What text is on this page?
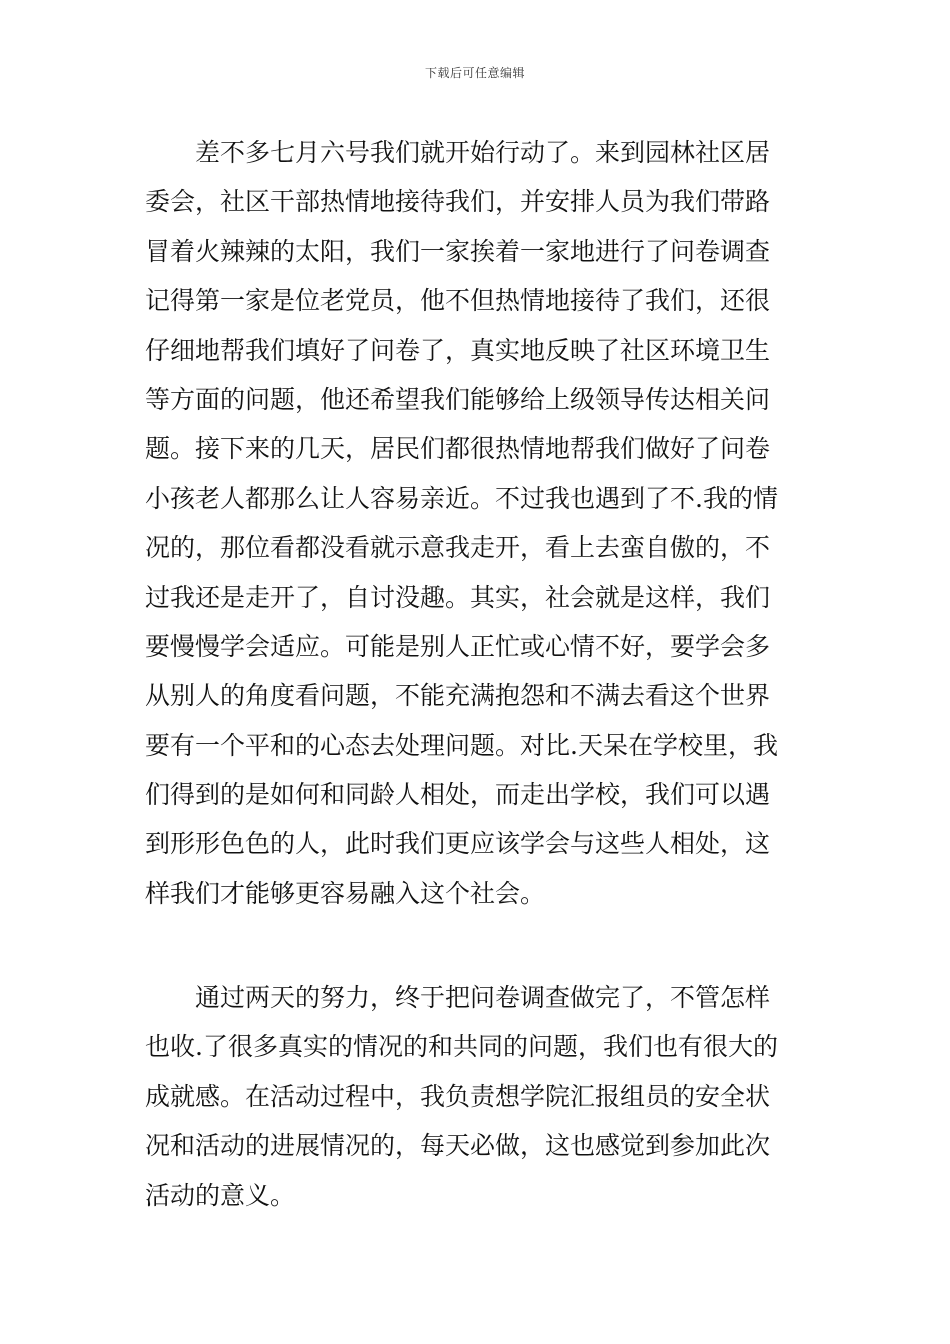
下载后可任意编辑
差不多七月六号我们就开始行动了。来到园林社区居
委会，社区干部热情地接待我们，并安排人员为我们带路
冒着火辣辣的太阳，我们一家挨着一家地进行了问卷调查
记得第一家是位老党员，他不但热情地接待了我们，还很
仔细地帮我们填好了问卷了，真实地反映了社区环境卫生
等方面的问题，他还希望我们能够给上级领导传达相关问
题。接下来的几天，居民们都很热情地帮我们做好了问卷
小孩老人都那么让人容易亲近。不过我也遇到了不.我的情
况的，那位看都没看就示意我走开，看上去蛮自傲的，不
过我还是走开了，自讨没趣。其实，社会就是这样，我们
要慢慢学会适应。可能是别人正忙或心情不好，要学会多
从别人的角度看问题，不能充满抱怨和不满去看这个世界
要有一个平和的心态去处理问题。对比.天呆在学校里，我
们得到的是如何和同龄人相处，而走出学校，我们可以遇
到形形色色的人，此时我们更应该学会与这些人相处，这
样我们才能够更容易融入这个社会。
通过两天的努力，终于把问卷调查做完了，不管怎样
也收.了很多真实的情况的和共同的问题，我们也有很大的
成就感。在活动过程中，我负责想学院汇报组员的安全状
况和活动的进展情况的，每天必做，这也感觉到参加此次
活动的意义。
